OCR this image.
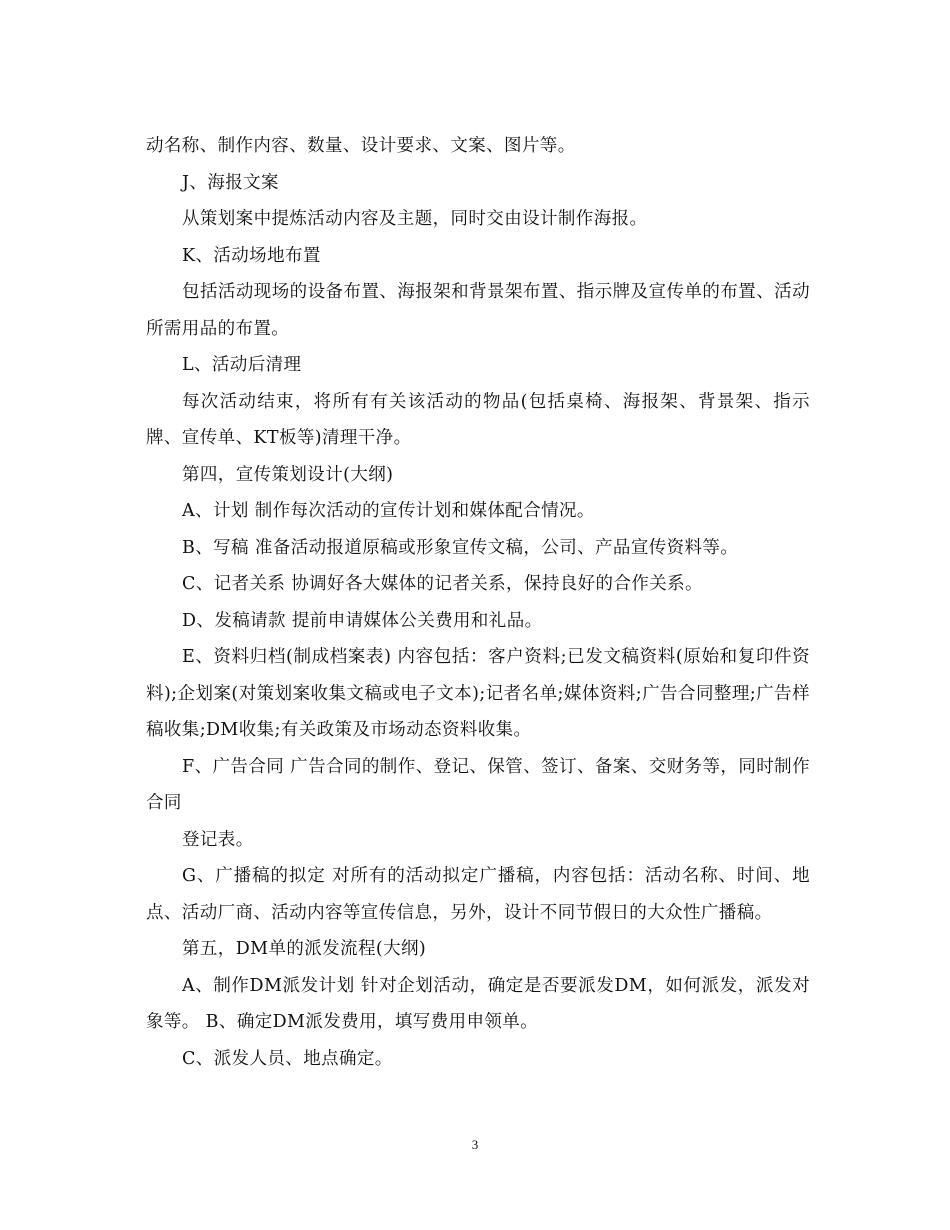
动名称、制作内容、数量、设计要求、文案、图片等。

J、海报文案

从策划案中提炼活动内容及主题，同时交由设计制作海报。

K、活动场地布置

包括活动现场的设备布置、海报架和背景架布置、指示牌及宣传单的布置、活动所需用品的布置。

L、活动后清理

每次活动结束，将所有有关该活动的物品(包括桌椅、海报架、背景架、指示牌、宣传单、KT板等)清理干净。

第四，宣传策划设计(大纲)

A、计划 制作每次活动的宣传计划和媒体配合情况。

B、写稿 准备活动报道原稿或形象宣传文稿，公司、产品宣传资料等。

C、记者关系 协调好各大媒体的记者关系，保持良好的合作关系。

D、发稿请款 提前申请媒体公关费用和礼品。

E、资料归档(制成档案表) 内容包括：客户资料;已发文稿资料(原始和复印件资料);企划案(对策划案收集文稿或电子文本);记者名单;媒体资料;广告合同整理;广告样稿收集;DM收集;有关政策及市场动态资料收集。

F、广告合同 广告合同的制作、登记、保管、签订、备案、交财务等，同时制作合同

登记表。

G、广播稿的拟定 对所有的活动拟定广播稿，内容包括：活动名称、时间、地点、活动厂商、活动内容等宣传信息，另外，设计不同节假日的大众性广播稿。

第五，DM单的派发流程(大纲)

A、制作DM派发计划 针对企划活动，确定是否要派发DM，如何派发，派发对象等。 B、确定DM派发费用，填写费用申领单。

C、派发人员、地点确定。

3
